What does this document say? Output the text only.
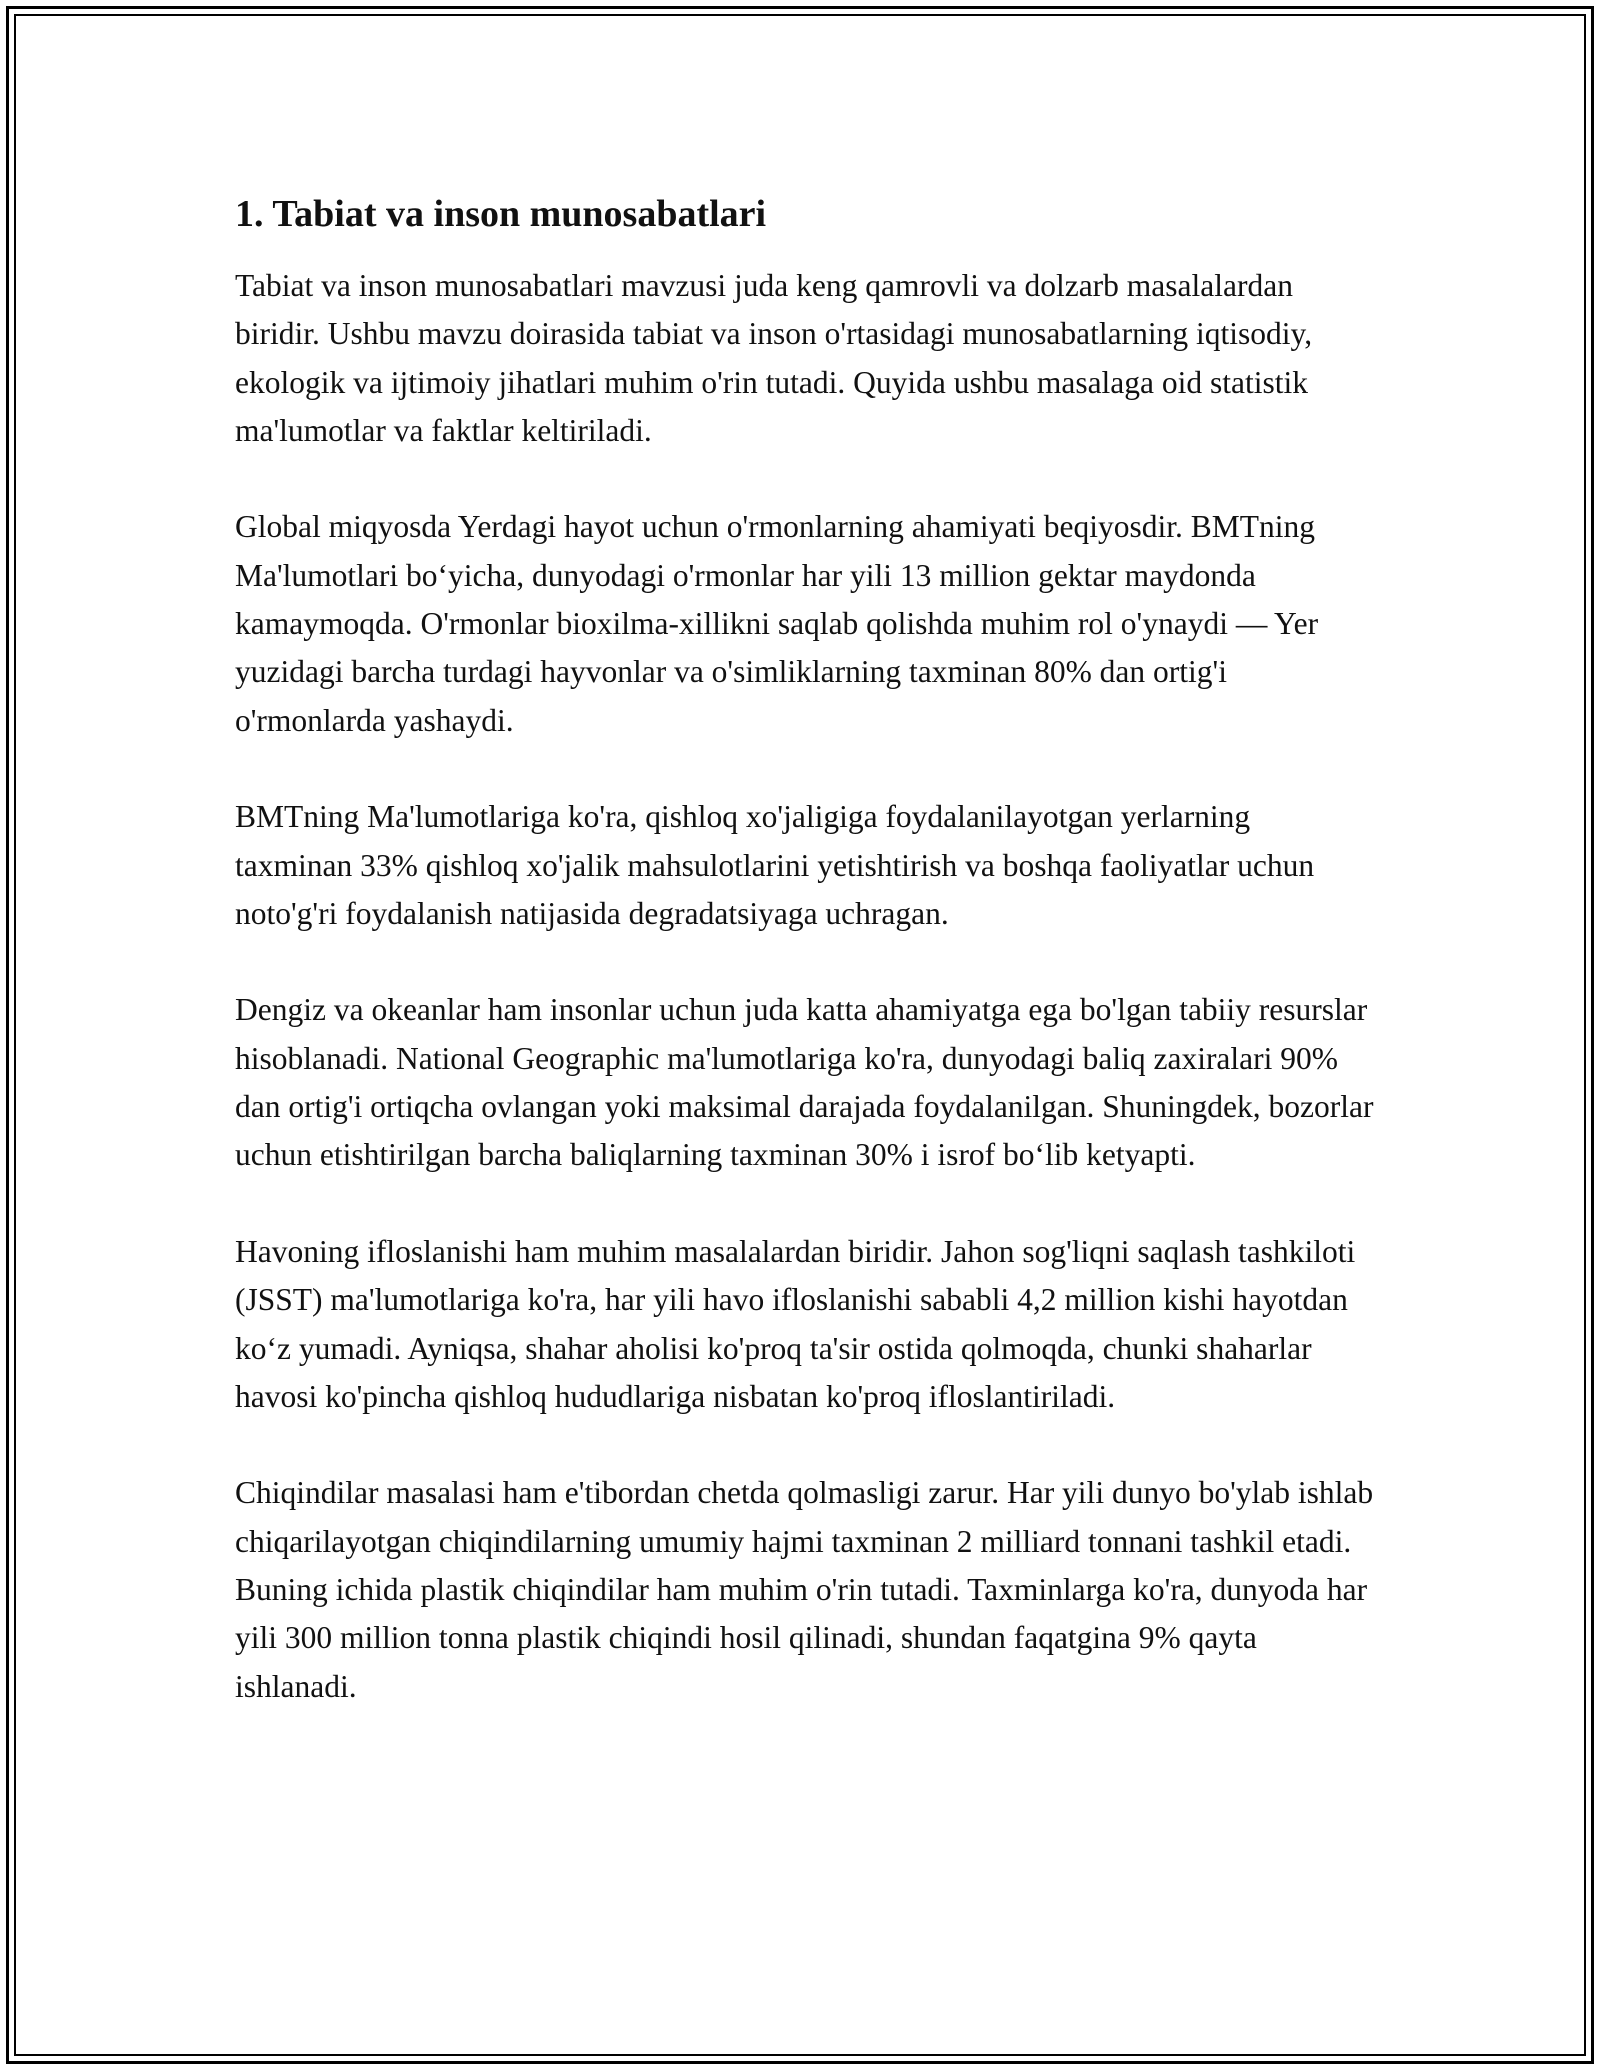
1. Tabiat va inson munosabatlari

Tabiat va inson munosabatlari mavzusi juda keng qamrovli va dolzarb masalalardan biridir. Ushbu mavzu doirasida tabiat va inson o'rtasidagi munosabatlarning iqtisodiy, ekologik va ijtimoiy jihatlari muhim o'rin tutadi. Quyida ushbu masalaga oid statistik ma'lumotlar va faktlar keltiriladi.

Global miqyosda Yerdagi hayot uchun o'rmonlarning ahamiyati beqiyosdir. BMTning Ma'lumotlari boʻyicha, dunyodagi o'rmonlar har yili 13 million gektar maydonda kamaymoqda. O'rmonlar bioxilma-xillikni saqlab qolishda muhim rol o'ynaydi — Yer yuzidagi barcha turdagi hayvonlar va o'simliklarning taxminan 80% dan ortig'i o'rmonlarda yashaydi.

BMTning Ma'lumotlariga ko'ra, qishloq xo'jaligiga foydalanilayotgan yerlarning taxminan 33% qishloq xo'jalik mahsulotlarini yetishtirish va boshqa faoliyatlar uchun noto'g'ri foydalanish natijasida degradatsiyaga uchragan.

Dengiz va okeanlar ham insonlar uchun juda katta ahamiyatga ega bo'lgan tabiiy resurslar hisoblanadi. National Geographic ma'lumotlariga ko'ra, dunyodagi baliq zaxiralari 90% dan ortig'i ortiqcha ovlangan yoki maksimal darajada foydalanilgan. Shuningdek, bozorlar uchun etishtirilgan barcha baliqlarning taxminan 30% i isrof boʻlib ketyapti.

Havoning ifloslanishi ham muhim masalalardan biridir. Jahon sog'liqni saqlash tashkiloti (JSST) ma'lumotlariga ko'ra, har yili havo ifloslanishi sababli 4,2 million kishi hayotdan koʻz yumadi. Ayniqsa, shahar aholisi ko'proq ta'sir ostida qolmoqda, chunki shaharlar havosi ko'pincha qishloq hududlariga nisbatan ko'proq ifloslantiriladi.

Chiqindilar masalasi ham e'tibordan chetda qolmasligi zarur. Har yili dunyo bo'ylab ishlab chiqarilayotgan chiqindilarning umumiy hajmi taxminan 2 milliard tonnani tashkil etadi. Buning ichida plastik chiqindilar ham muhim o'rin tutadi. Taxminlarga ko'ra, dunyoda har yili 300 million tonna plastik chiqindi hosil qilinadi, shundan faqatgina 9% qayta ishlanadi.
